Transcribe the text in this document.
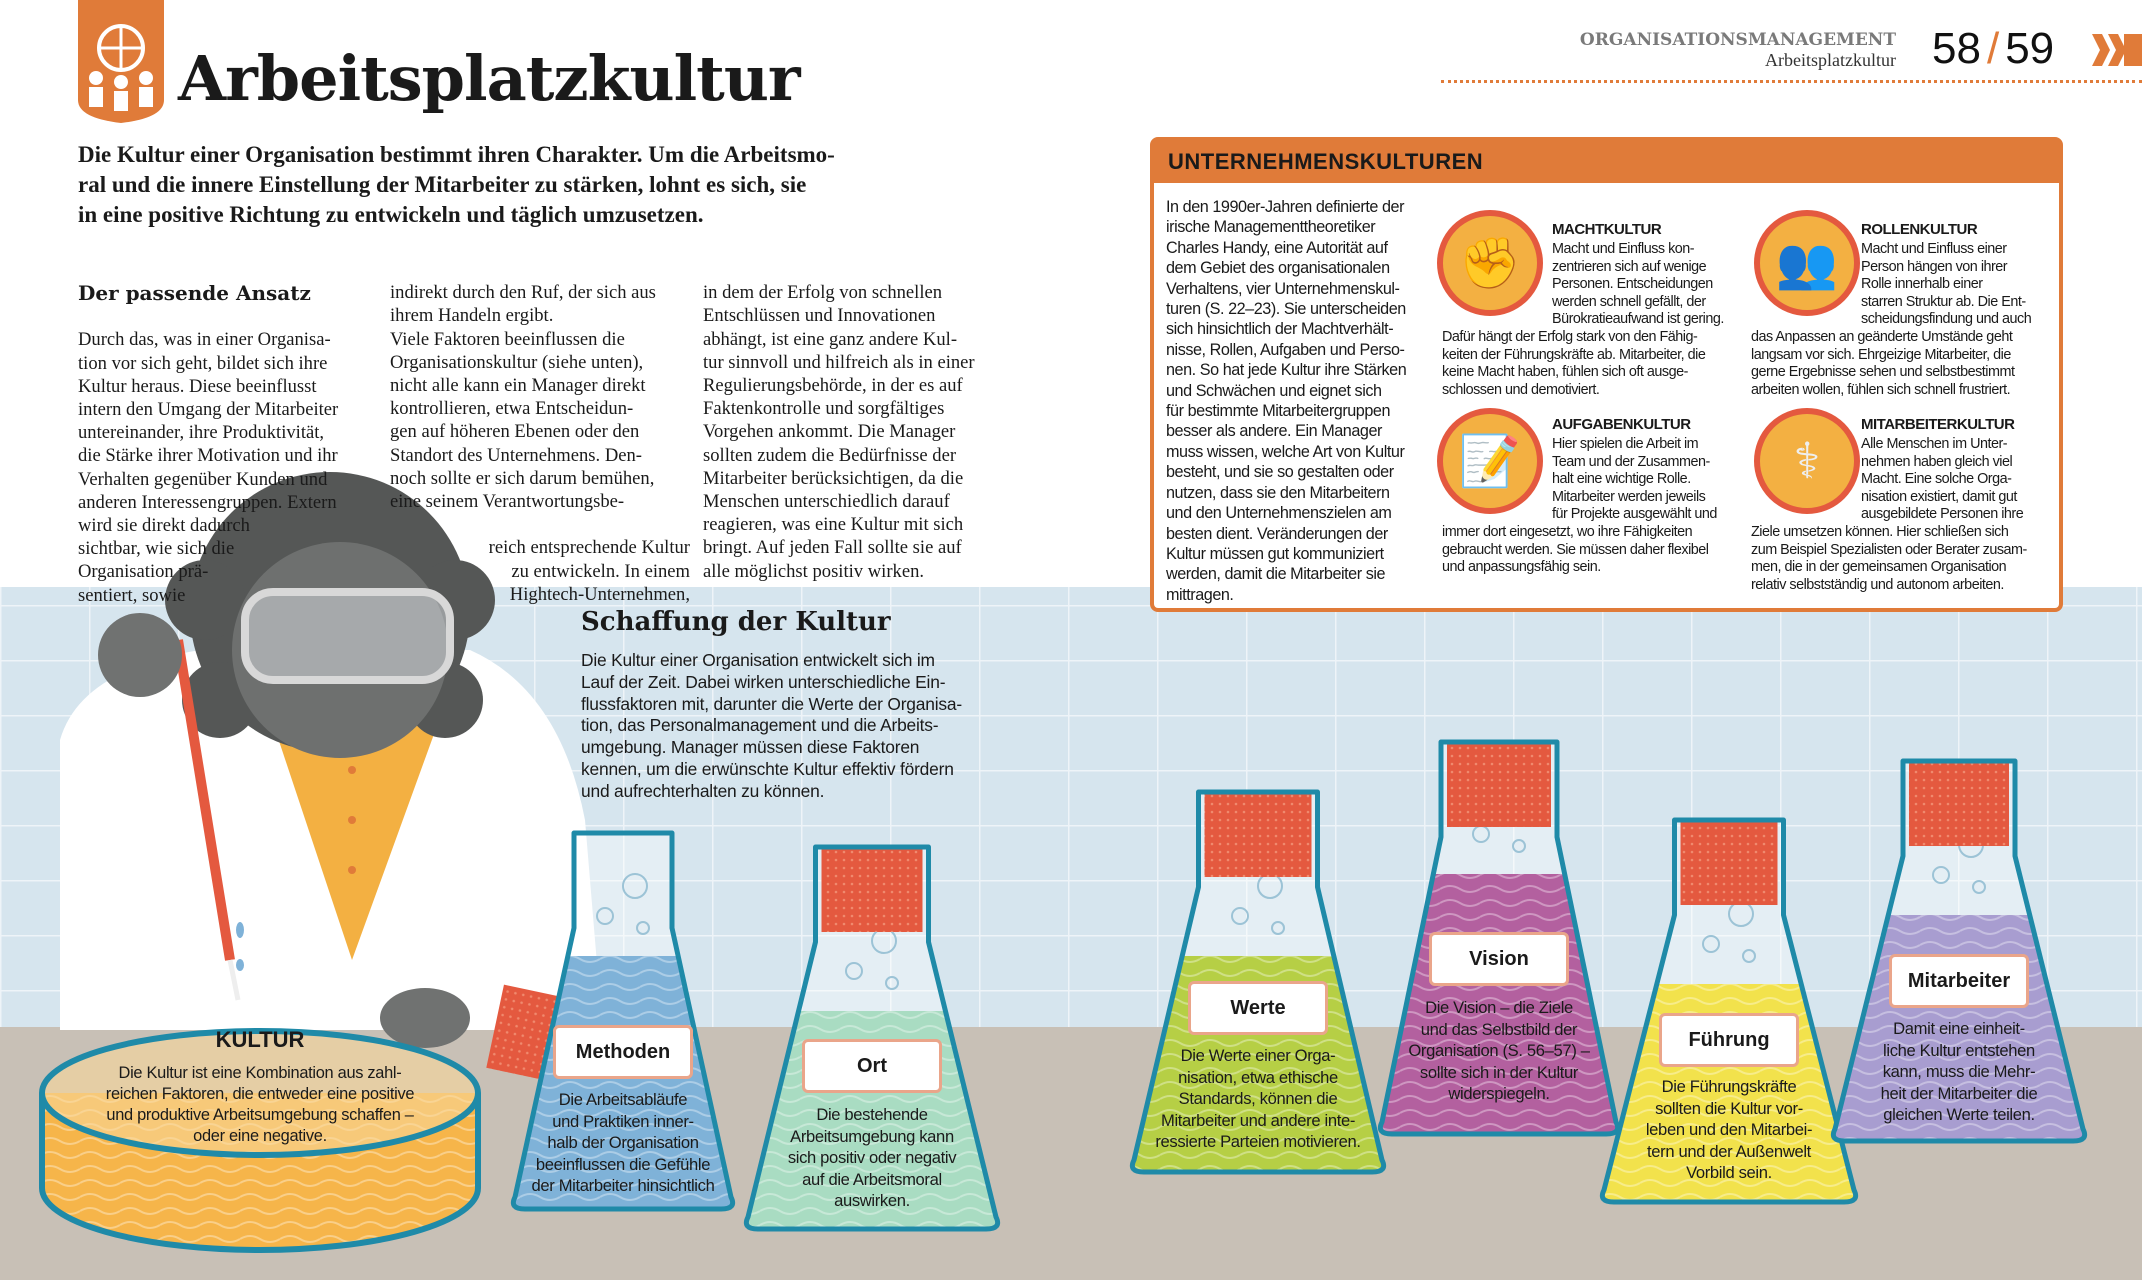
Arbeitsplatzkultur
Die Kultur einer Organisation bestimmt ihren Charakter. Um die Arbeitsmo-
ral und die innere Einstellung der Mitarbeiter zu stärken, lohnt es sich, sie
in eine positive Richtung zu entwickeln und täglich umzusetzen.

Der passende Ansatz

Durch das, was in einer Organisa-
tion vor sich geht, bildet sich ihre
Kultur heraus. Diese beeinflusst
intern den Umgang der Mitarbeiter
untereinander, ihre Produktivität,
die Stärke ihrer Motivation und ihr
Verhalten gegenüber Kunden und
anderen Interessengruppen. Extern
wird sie direkt dadurch
sichtbar, wie sich die
Organisation prä-
sentiert, sowie

indirekt durch den Ruf, der sich aus
ihrem Handeln ergibt.
Viele Faktoren beeinflussen die
Organisationskultur (siehe unten),
nicht alle kann ein Manager direkt
kontrollieren, etwa Entscheidun-
gen auf höheren Ebenen oder den
Standort des Unternehmens. Den-
noch sollte er sich darum bemühen,
eine seinem Verantwortungsbe-

reich entsprechende Kultur
zu entwickeln. In einem
Hightech-Unternehmen,

in dem der Erfolg von schnellen
Entschlüssen und Innovationen
abhängt, ist eine ganz andere Kul-
tur sinnvoll und hilfreich als in einer
Regulierungsbehörde, in der es auf
Faktenkontrolle und sorgfältiges
Vorgehen ankommt. Die Manager
sollten zudem die Bedürfnisse der
Mitarbeiter berücksichtigen, da die
Menschen unterschiedlich darauf
reagieren, was eine Kultur mit sich
bringt. Auf jeden Fall sollte sie auf
alle möglichst positiv wirken.

ORGANISATIONSMANAGEMENT
Arbeitsplatzkultur 58 / 59
UNTERNEHMENSKULTUREN
In den 1990er-Jahren definierte der
irische Managementtheoretiker
Charles Handy, eine Autorität auf
dem Gebiet des organisationalen
Verhaltens, vier Unternehmenskul-
turen (S. 22–23). Sie unterscheiden
sich hinsichtlich der Machtverhält-
nisse, Rollen, Aufgaben und Perso-
nen. So hat jede Kultur ihre Stärken
und Schwächen und eignet sich
für bestimmte Mitarbeitergruppen
besser als andere. Ein Manager
muss wissen, welche Art von Kultur
besteht, und sie so gestalten oder
nutzen, dass sie den Mitarbeitern
und den Unternehmenszielen am
besten dient. Veränderungen der
Kultur müssen gut kommuniziert
werden, damit die Mitarbeiter sie
mittragen.
MACHTKULTUR
Macht und Einfluss kon-
zentrieren sich auf wenige
Personen. Entscheidungen
werden schnell gefällt, der
Bürokratieaufwand ist gering.
Dafür hängt der Erfolg stark von den Fähig-
keiten der Führungskräfte ab. Mitarbeiter, die
keine Macht haben, fühlen sich oft ausge-
schlossen und demotiviert.
ROLLENKULTUR
Macht und Einfluss einer
Person hängen von ihrer
Rolle innerhalb einer
starren Struktur ab. Die Ent-
scheidungsfindung und auch
das Anpassen an geänderte Umstände geht
langsam vor sich. Ehrgeizige Mitarbeiter, die
gerne Ergebnisse sehen und selbstbestimmt
arbeiten wollen, fühlen sich schnell frustriert.
AUFGABENKULTUR
Hier spielen die Arbeit im
Team und der Zusammen-
halt eine wichtige Rolle.
Mitarbeiter werden jeweils
für Projekte ausgewählt und
immer dort eingesetzt, wo ihre Fähigkeiten
gebraucht werden. Sie müssen daher flexibel
und anpassungsfähig sein.
MITARBEITERKULTUR
Alle Menschen im Unter-
nehmen haben gleich viel
Macht. Eine solche Orga-
nisation existiert, damit gut
ausgebildete Personen ihre
Ziele umsetzen können. Hier schließen sich
zum Beispiel Spezialisten oder Berater zusam-
men, die in der gemeinsamen Organisation
relativ selbstständig und autonom arbeiten.
✊	👥
📝	⚕
Schaffung der Kultur
Die Kultur einer Organisation entwickelt sich im
Lauf der Zeit. Dabei wirken unterschiedliche Ein-
flussfaktoren mit, darunter die Werte der Organisa-
tion, das Personalmanagement und die Arbeits-
umgebung. Manager müssen diese Faktoren
kennen, um die erwünschte Kultur effektiv fördern
und aufrechterhalten zu können.
KULTUR
Die Kultur ist eine Kombination aus zahl-
reichen Faktoren, die entweder eine positive
und produktive Arbeitsumgebung schaffen –
oder eine negative.
Methoden
Die Arbeitsabläufe
und Praktiken inner-
halb der Organisation
beeinflussen die Gefühle
der Mitarbeiter hinsichtlich
Ort
Die bestehende
Arbeitsumgebung kann
sich positiv oder negativ
auf die Arbeitsmoral
auswirken.
Werte
Die Werte einer Orga-
nisation, etwa ethische
Standards, können die
Mitarbeiter und andere inte-
ressierte Parteien motivieren.
Vision
Die Vision – die Ziele
und das Selbstbild der
Organisation (S. 56–57) –
sollte sich in der Kultur
widerspiegeln.
Führung
Die Führungskräfte
sollten die Kultur vor-
leben und den Mitarbei-
tern und der Außenwelt
Vorbild sein.
Mitarbeiter
Damit eine einheit-
liche Kultur entstehen
kann, muss die Mehr-
heit der Mitarbeiter die
gleichen Werte teilen.
